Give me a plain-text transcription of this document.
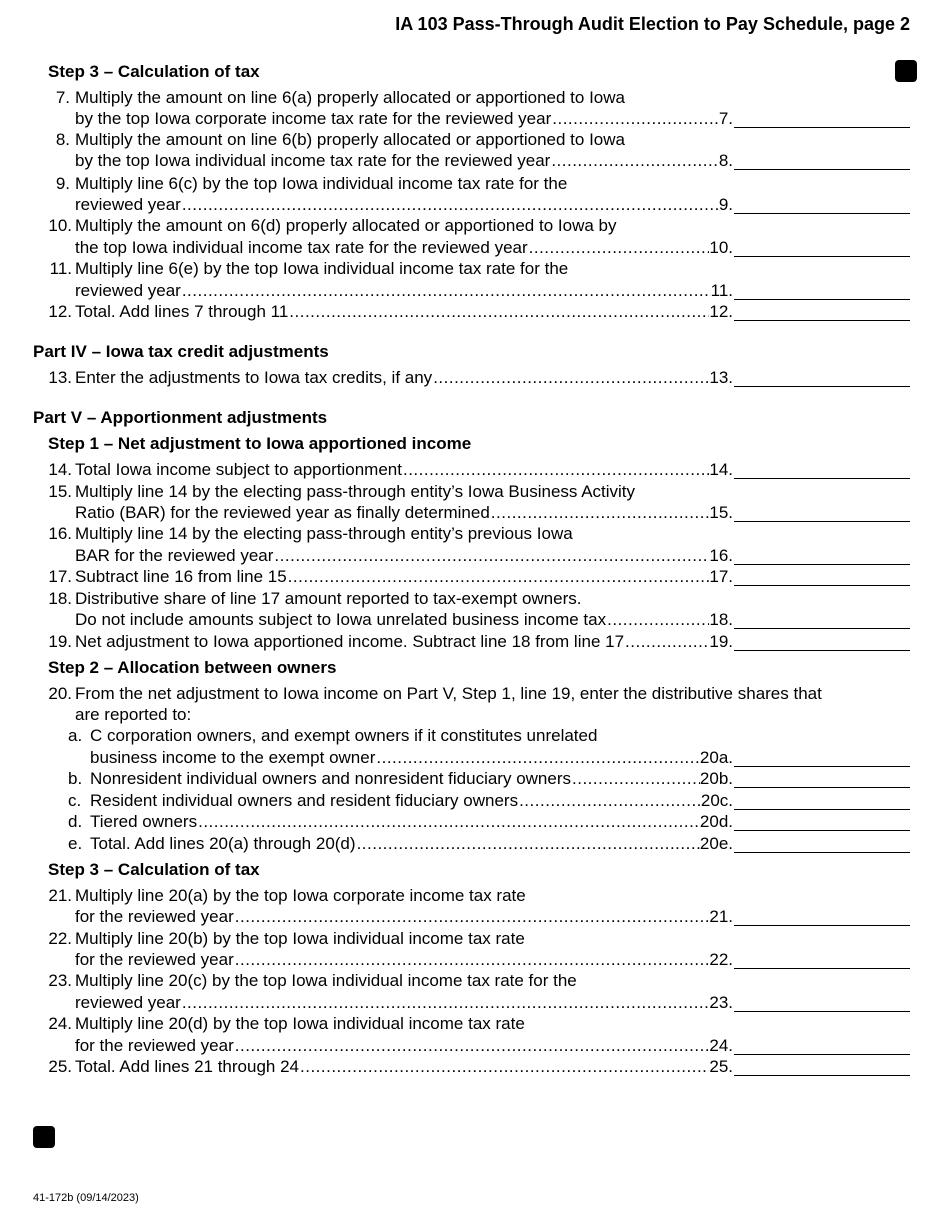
IA 103 Pass-Through Audit Election to Pay Schedule, page 2
Step 3 – Calculation of tax
7. Multiply the amount on line 6(a) properly allocated or apportioned to Iowa
by the top Iowa corporate income tax rate for the reviewed year .....	7.
8. Multiply the amount on line 6(b) properly allocated or apportioned to Iowa
by the top Iowa individual income tax rate for the reviewed year .....	8.
9. Multiply line 6(c) by the top Iowa individual income tax rate for the
reviewed year .....	9.
10. Multiply the amount on 6(d) properly allocated or apportioned to Iowa by
the top Iowa individual income tax rate for the reviewed year .....	10.
11. Multiply line 6(e) by the top Iowa individual income tax rate for the
reviewed year .....	11.
12. Total. Add lines 7 through 11 .....	12.
Part IV – Iowa tax credit adjustments
13. Enter the adjustments to Iowa tax credits, if any .....	13.
Part V – Apportionment adjustments
Step 1 – Net adjustment to Iowa apportioned income
14. Total Iowa income subject to apportionment .....	14.
15. Multiply line 14 by the electing pass-through entity’s Iowa Business Activity
Ratio (BAR) for the reviewed year as finally determined .....	15.
16. Multiply line 14 by the electing pass-through entity’s previous Iowa
BAR for the reviewed year .....	16.
17. Subtract line 16 from line 15 .....	17.
18. Distributive share of line 17 amount reported to tax-exempt owners.
Do not include amounts subject to Iowa unrelated business income tax .....	18.
19. Net adjustment to Iowa apportioned income. Subtract line 18 from line 17 .....	19.
Step 2 – Allocation between owners
20. From the net adjustment to Iowa income on Part V, Step 1, line 19, enter the distributive shares that
are reported to:
a. C corporation owners, and exempt owners if it constitutes unrelated
business income to the exempt owner .....	20a.
b. Nonresident individual owners and nonresident fiduciary owners .....	20b.
c. Resident individual owners and resident fiduciary owners .....	20c.
d. Tiered owners .....	20d.
e. Total. Add lines 20(a) through 20(d) .....	20e.
Step 3 – Calculation of tax
21. Multiply line 20(a) by the top Iowa corporate income tax rate
for the reviewed year .....	21.
22. Multiply line 20(b) by the top Iowa individual income tax rate
for the reviewed year .....	22.
23. Multiply line 20(c) by the top Iowa individual income tax rate for the
reviewed year .....	23.
24. Multiply line 20(d) by the top Iowa individual income tax rate
for the reviewed year .....	24.
25. Total. Add lines 21 through 24 .....	25.
41-172b (09/14/2023)
